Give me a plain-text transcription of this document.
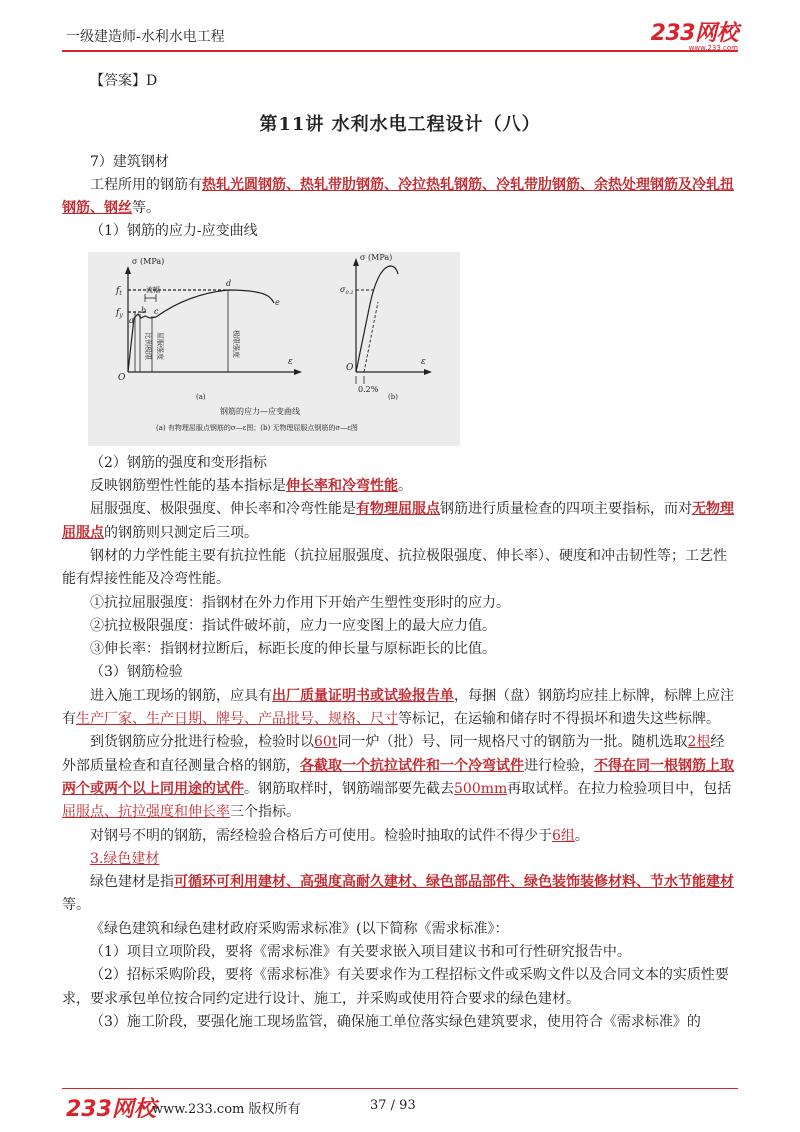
一级建造师-水利水电工程	233网校
www.233.com

【答案】D

第11讲 水利水电工程设计（八）

7）建筑钢材

工程所用的钢筋有热轧光圆钢筋、热轧带肋钢筋、冷拉热轧钢筋、冷轧带肋钢筋、余热处理钢筋及冷轧扭钢筋、钢丝等。

（1）钢筋的应力-应变曲线

σ (MPa)
ε
O
$f_t$
$f_y$
a
b c
d
e
流幅
比例极限 屈服强度	极限强度
(a)
σ (MPa)
$\sigma_{0.2}$
O
ε
0.2%
(b)
钢筋的应力—应变曲线
(a) 有物理屈服点钢筋的σ—ε图；(b) 无物理屈服点钢筋的σ—ε图

（2）钢筋的强度和变形指标

反映钢筋塑性性能的基本指标是伸长率和冷弯性能。

屈服强度、极限强度、伸长率和冷弯性能是有物理屈服点钢筋进行质量检查的四项主要指标，而对无物理屈服点的钢筋则只测定后三项。

钢材的力学性能主要有抗拉性能（抗拉屈服强度、抗拉极限强度、伸长率）、硬度和冲击韧性等；工艺性能有焊接性能及冷弯性能。

①抗拉屈服强度：指钢材在外力作用下开始产生塑性变形时的应力。

②抗拉极限强度：指试件破坏前，应力一应变图上的最大应力值。

③伸长率：指钢材拉断后，标距长度的伸长量与原标距长的比值。

（3）钢筋检验

进入施工现场的钢筋，应具有出厂质量证明书或试验报告单，每捆（盘）钢筋均应挂上标牌，标牌上应注有生产厂家、生产日期、牌号、产品批号、规格、尺寸等标记，在运输和储存时不得损坏和遗失这些标牌。

到货钢筋应分批进行检验，检验时以60t同一炉（批）号、同一规格尺寸的钢筋为一批。随机选取2根经外部质量检查和直径测量合格的钢筋，各截取一个抗拉试件和一个冷弯试件进行检验，不得在同一根钢筋上取两个或两个以上同用途的试件。钢筋取样时，钢筋端部要先截去500mm再取试样。在拉力检验项目中，包括屈服点、抗拉强度和伸长率三个指标。

对钢号不明的钢筋，需经检验合格后方可使用。检验时抽取的试件不得少于6组。

3.绿色建材

绿色建材是指可循环可利用建材、高强度高耐久建材、绿色部品部件、绿色装饰装修材料、节水节能建材等。

《绿色建筑和绿色建材政府采购需求标准》(以下简称《需求标准》：

（1）项目立项阶段，要将《需求标准》有关要求嵌入项目建议书和可行性研究报告中。

（2）招标采购阶段，要将《需求标准》有关要求作为工程招标文件或采购文件以及合同文本的实质性要求，要求承包单位按合同约定进行设计、施工，并采购或使用符合要求的绿色建材。

（3）施工阶段，要强化施工现场监管，确保施工单位落实绿色建筑要求，使用符合《需求标准》的

233网校
www.233.com 版权所有	37 / 93
